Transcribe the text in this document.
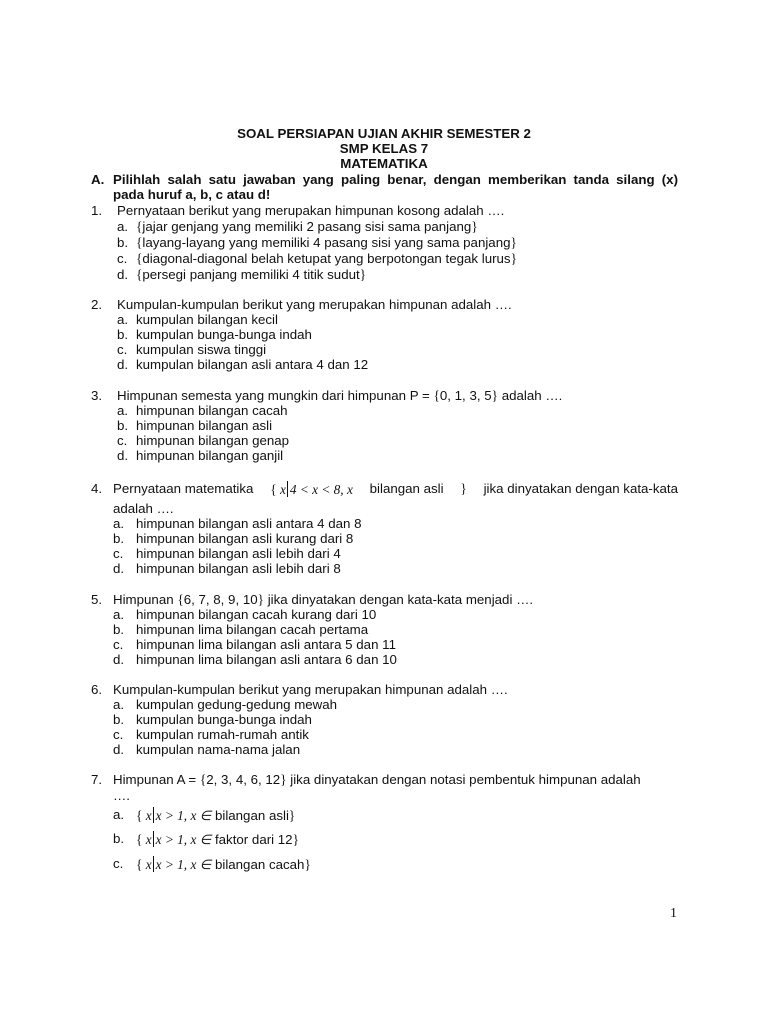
SOAL PERSIAPAN UJIAN AKHIR SEMESTER 2
SMP KELAS 7
MATEMATIKA
A. Pilihlah salah satu jawaban yang paling benar, dengan memberikan tanda silang (x)
pada huruf a, b, c atau d!
1. Pernyataan berikut yang merupakan himpunan kosong adalah ….
a. {jajar genjang yang memiliki 2 pasang sisi sama panjang}
b. {layang-layang yang memiliki 4 pasang sisi yang sama panjang}
c. {diagonal-diagonal belah ketupat yang berpotongan tegak lurus}
d. {persegi panjang memiliki 4 titik sudut}
2. Kumpulan-kumpulan berikut yang merupakan himpunan adalah ….
a. kumpulan bilangan kecil
b. kumpulan bunga-bunga indah
c. kumpulan siswa tinggi
d. kumpulan bilangan asli antara 4 dan 12
3. Himpunan semesta yang mungkin dari himpunan P = {0, 1, 3, 5} adalah ….
a. himpunan bilangan cacah
b. himpunan bilangan asli
c. himpunan bilangan genap
d. himpunan bilangan ganjil
4. Pernyataan matematika { x 4 < x < 8, x bilangan asli } jika dinyatakan dengan kata-kata
adalah ….
a. himpunan bilangan asli antara 4 dan 8
b. himpunan bilangan asli kurang dari 8
c. himpunan bilangan asli lebih dari 4
d. himpunan bilangan asli lebih dari 8
5. Himpunan {6, 7, 8, 9, 10} jika dinyatakan dengan kata-kata menjadi ….
a. himpunan bilangan cacah kurang dari 10
b. himpunan lima bilangan cacah pertama
c. himpunan lima bilangan asli antara 5 dan 11
d. himpunan lima bilangan asli antara 6 dan 10
6. Kumpulan-kumpulan berikut yang merupakan himpunan adalah ….
a. kumpulan gedung-gedung mewah
b. kumpulan bunga-bunga indah
c. kumpulan rumah-rumah antik
d. kumpulan nama-nama jalan
7. Himpunan A = {2, 3, 4, 6, 12} jika dinyatakan dengan notasi pembentuk himpunan adalah
….
a. { x x > 1, x ∈ bilangan asli}
b. { x x > 1, x ∈ faktor dari 12}
c. { x x > 1, x ∈ bilangan cacah}
1
